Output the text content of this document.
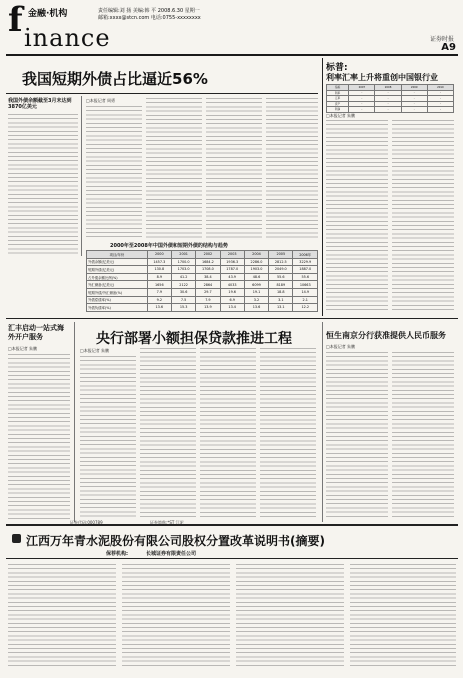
f 金融·机构
inance
责任编辑:刘 扬 美编:韩 平 2008.6.30 星期一
邮箱:xxxx@stcn.com 电话:0755-xxxxxxxx
证券时报
A9
我国短期外债占比逼近56%
标普:
利率汇率上升将重创中国银行业
我国外债余额截至3月末达到3870亿美元
□本报记者 周勇
2000年至2008年中国外债和短期外债的结构与趋势
项目/年份	2000	2001	2002	2003	2004	2005	2006年
外债余额(亿美元)	1457.3	1700.0	1684.2	1936.3	2286.0	2812.5	3229.9
短期外债(亿美元)	130.8	1703.0	1708.0	1787.0	1903.0	2049.0	1887.0
占外债余额比例(%)	8.9	41.2	38.4	43.9	48.6	55.6	55.6
外汇储备(亿美元)	1656	2122	2864	4033	6099	8189	10663
短期外债/外汇储备(%)	7.9	30.6	29.7	19.6	19.1	18.8	14.9
外债偿债率(%)	9.2	7.5	7.9	6.9	3.2	3.1	2.1
外债负债率(%)	13.6	15.3	13.9	13.4	13.6	13.1	12.2
指标	2007	2008	2009	2010
利率	-	-	-	-
汇率	-	-	-	-
资产	-	-	-	-
利润	-	-	-	-
□本报记者 朱鹏
汇丰启动一站式海外开户服务
□本报记者 朱鹏
央行部署小额担保贷款推进工程
□本报记者 朱鹏
恒生南京分行获准提供人民币服务
□本报记者 朱鹏
江西万年青水泥股份有限公司股权分置改革说明书(摘要)
保荐机构:	长城证券有限责任公司
证券代码:000789	证券简称:*ST 江泥
